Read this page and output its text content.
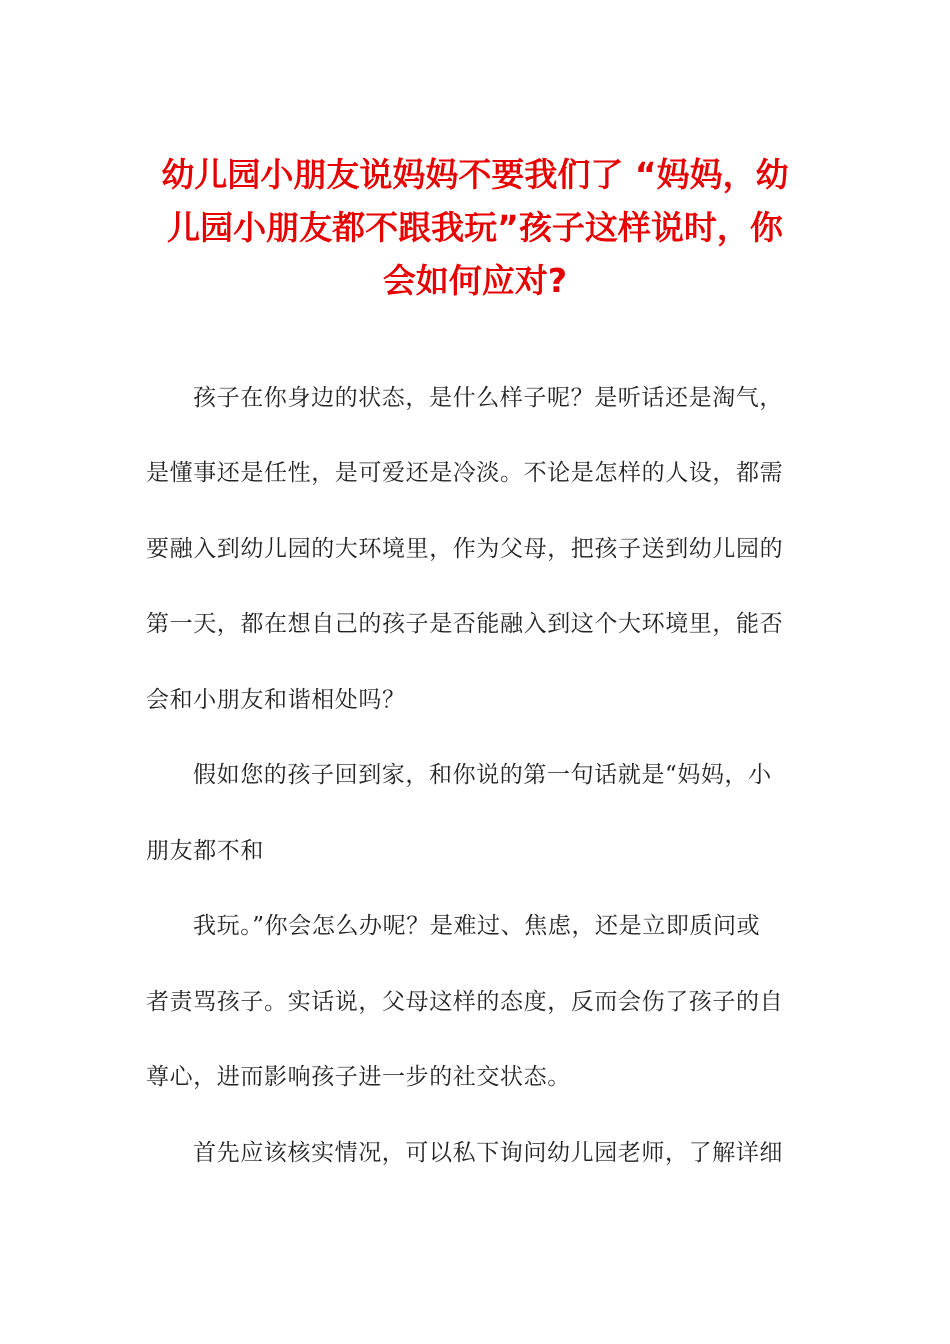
幼儿园小朋友说妈妈不要我们了 “妈妈，幼
儿园小朋友都不跟我玩”孩子这样说时，你
会如何应对?
孩子在你身边的状态，是什么样子呢？是听话还是淘气，
是懂事还是任性，是可爱还是冷淡。不论是怎样的人设，都需
要融入到幼儿园的大环境里，作为父母，把孩子送到幼儿园的
第一天，都在想自己的孩子是否能融入到这个大环境里，能否
会和小朋友和谐相处吗？
假如您的孩子回到家，和你说的第一句话就是“妈妈，小
朋友都不和
我玩。”你会怎么办呢？是难过、焦虑，还是立即质问或
者责骂孩子。实话说，父母这样的态度，反而会伤了孩子的自
尊心，进而影响孩子进一步的社交状态。
首先应该核实情况，可以私下询问幼儿园老师，了解详细
